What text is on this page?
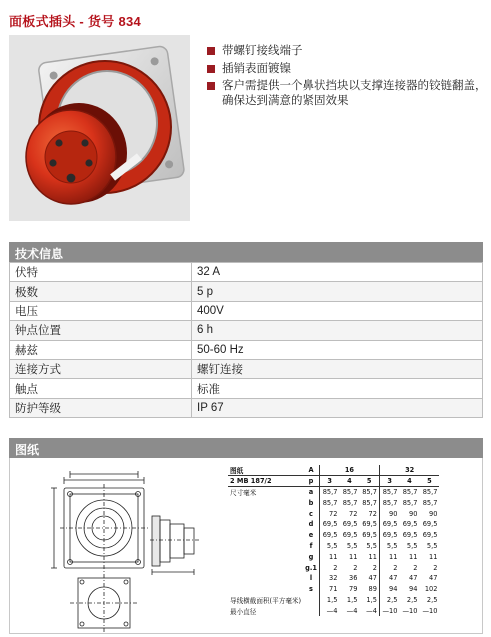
面板式插头 - 货号 834
带螺钉接线端子
插销表面镀镍
客户需提供一个鼻状挡块以支撑连接器的铰链翻盖，确保达到满意的紧固效果
技术信息
伏特	32 A
极数	5 p
电压	400V
钟点位置	6 h
赫兹	50-60 Hz
连接方式	螺钉连接
触点	标准
防护等级	IP 67
图纸
图纸	A	16			32		
2 MB 187/2	p	3	4	5	3	4	5
尺寸毫米	a	85,7	85,7	85,7	85,7	85,7	85,7
	b	85,7	85,7	85,7	85,7	85,7	85,7
	c	72	72	72	90	90	90
	d	69,5	69,5	69,5	69,5	69,5	69,5
	e	69,5	69,5	69,5	69,5	69,5	69,5
	f	5,5	5,5	5,5	5,5	5,5	5,5
	g	11	11	11	11	11	11
	g.1	2	2	2	2	2	2
	l	32	36	47	47	47	47
	s	71	79	89	94	94	102
导线横截面积(平方毫米)		1,5	1,5	1,5	2,5	2,5	2,5
最小直径		—4	—4	—4	—10	—10	—10
